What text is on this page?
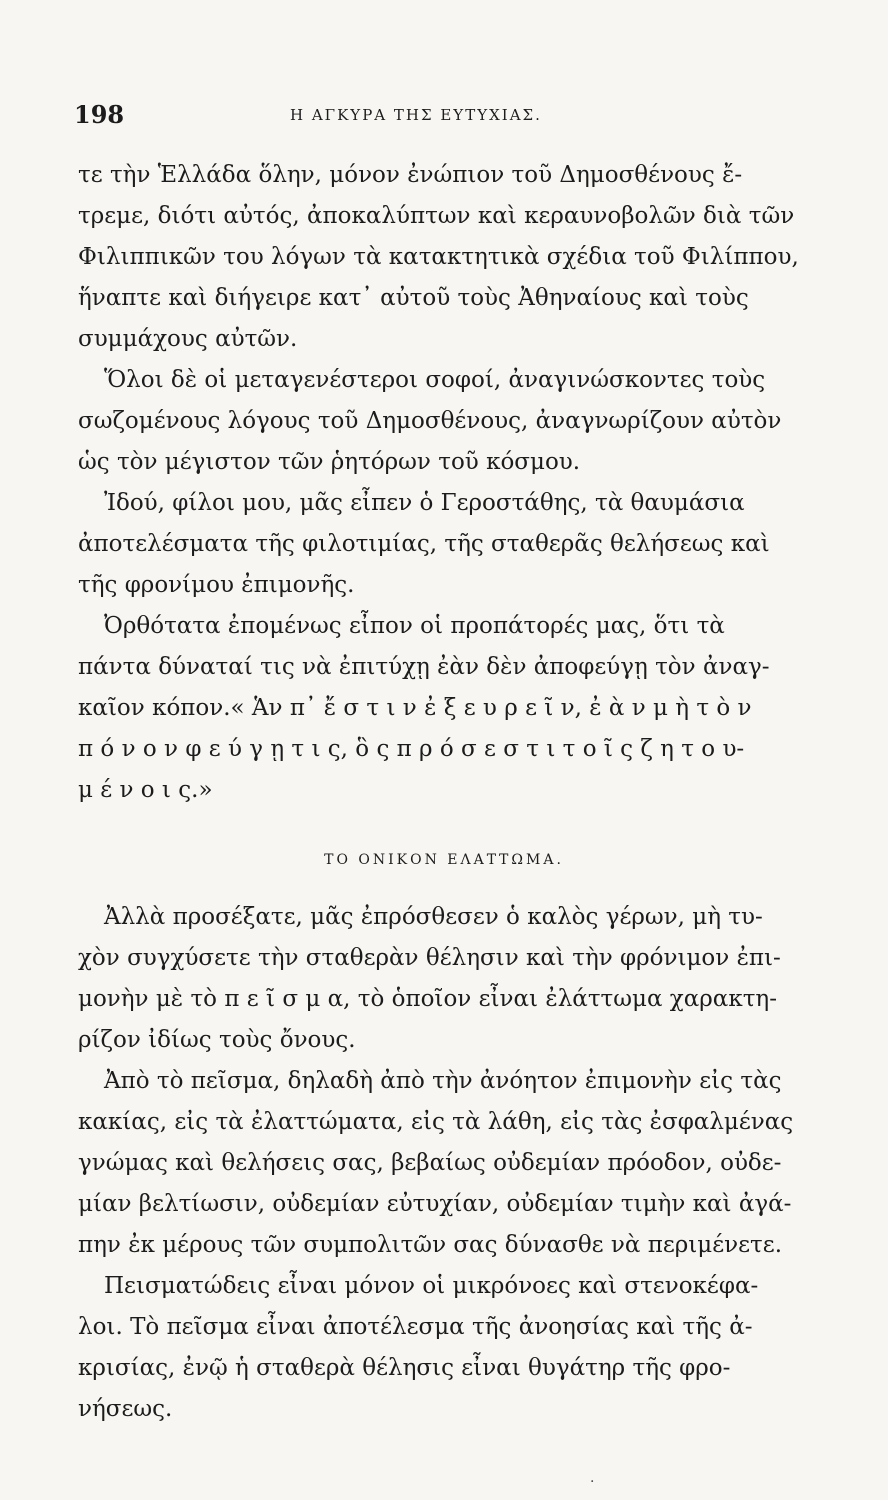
198	Η ΑΓΚΥΡΑ ΤΗΣ ΕΥΤΥΧΙΑΣ.
τε τὴν Ἑλλάδα ὅλην, μόνον ἐνώπιον τοῦ Δημοσθένους ἔ-
τρεμε, διότι αὐτός, ἀποκαλύπτων καὶ κεραυνοβολῶν διὰ τῶν
Φιλιππικῶν του λόγων τὰ κατακτητικὰ σχέδια τοῦ Φιλίππου,
ἥναπτε καὶ διήγειρε κατ᾽ αὐτοῦ τοὺς Ἀθηναίους καὶ τοὺς
συμμάχους αὐτῶν.
Ὅλοι δὲ οἱ μεταγενέστεροι σοφοί, ἀναγινώσκοντες τοὺς
σωζομένους λόγους τοῦ Δημοσθένους, ἀναγνωρίζουν αὐτὸν
ὡς τὸν μέγιστον τῶν ῥητόρων τοῦ κόσμου.
Ἰδού, φίλοι μου, μᾶς εἶπεν ὁ Γεροστάθης, τὰ θαυμάσια
ἀποτελέσματα τῆς φιλοτιμίας, τῆς σταθερᾶς θελήσεως καὶ
τῆς φρονίμου ἐπιμονῆς.
Ὀρθότατα ἐπομένως εἶπον οἱ προπάτορές μας, ὅτι τὰ
πάντα δύναταί τις νὰ ἐπιτύχῃ ἐὰν δὲν ἀποφεύγῃ τὸν ἀναγ-
καῖον κόπον.« Ἁν π᾽ ἔ σ τ ι ν ἐ ξ ε υ ρ ε ῖ ν, ἐ ὰ ν μ ὴ τ ὸ ν
π ό ν ο ν φ ε ύ γ ῃ τ ι ς, ὃ ς π ρ ό σ ε σ τ ι τ ο ῖ ς ζ η τ ο υ-
μ έ ν ο ι ς.»
ΤΟ ΟΝΙΚΟΝ ΕΛΑΤΤΩΜΑ.
Ἀλλὰ προσέξατε, μᾶς ἐπρόσθεσεν ὁ καλὸς γέρων, μὴ τυ-
χὸν συγχύσετε τὴν σταθερὰν θέλησιν καὶ τὴν φρόνιμον ἐπι-
μονὴν μὲ τὸ π ε ῖ σ μ α, τὸ ὁποῖον εἶναι ἐλάττωμα χαρακτη-
ρίζον ἰδίως τοὺς ὄνους.
Ἀπὸ τὸ πεῖσμα, δηλαδὴ ἀπὸ τὴν ἀνόητον ἐπιμονὴν εἰς τὰς
κακίας, εἰς τὰ ἐλαττώματα, εἰς τὰ λάθη, εἰς τὰς ἐσφαλμένας
γνώμας καὶ θελήσεις σας, βεβαίως οὐδεμίαν πρόοδον, οὐδε-
μίαν βελτίωσιν, οὐδεμίαν εὐτυχίαν, οὐδεμίαν τιμὴν καὶ ἀγά-
πην ἐκ μέρους τῶν συμπολιτῶν σας δύνασθε νὰ περιμένετε.
Πεισματώδεις εἶναι μόνον οἱ μικρόνοες καὶ στενοκέφα-
λοι. Τὸ πεῖσμα εἶναι ἀποτέλεσμα τῆς ἀνοησίας καὶ τῆς ἀ-
κρισίας, ἐνῷ ἡ σταθερὰ θέλησις εἶναι θυγάτηρ τῆς φρο-
νήσεως.
·
